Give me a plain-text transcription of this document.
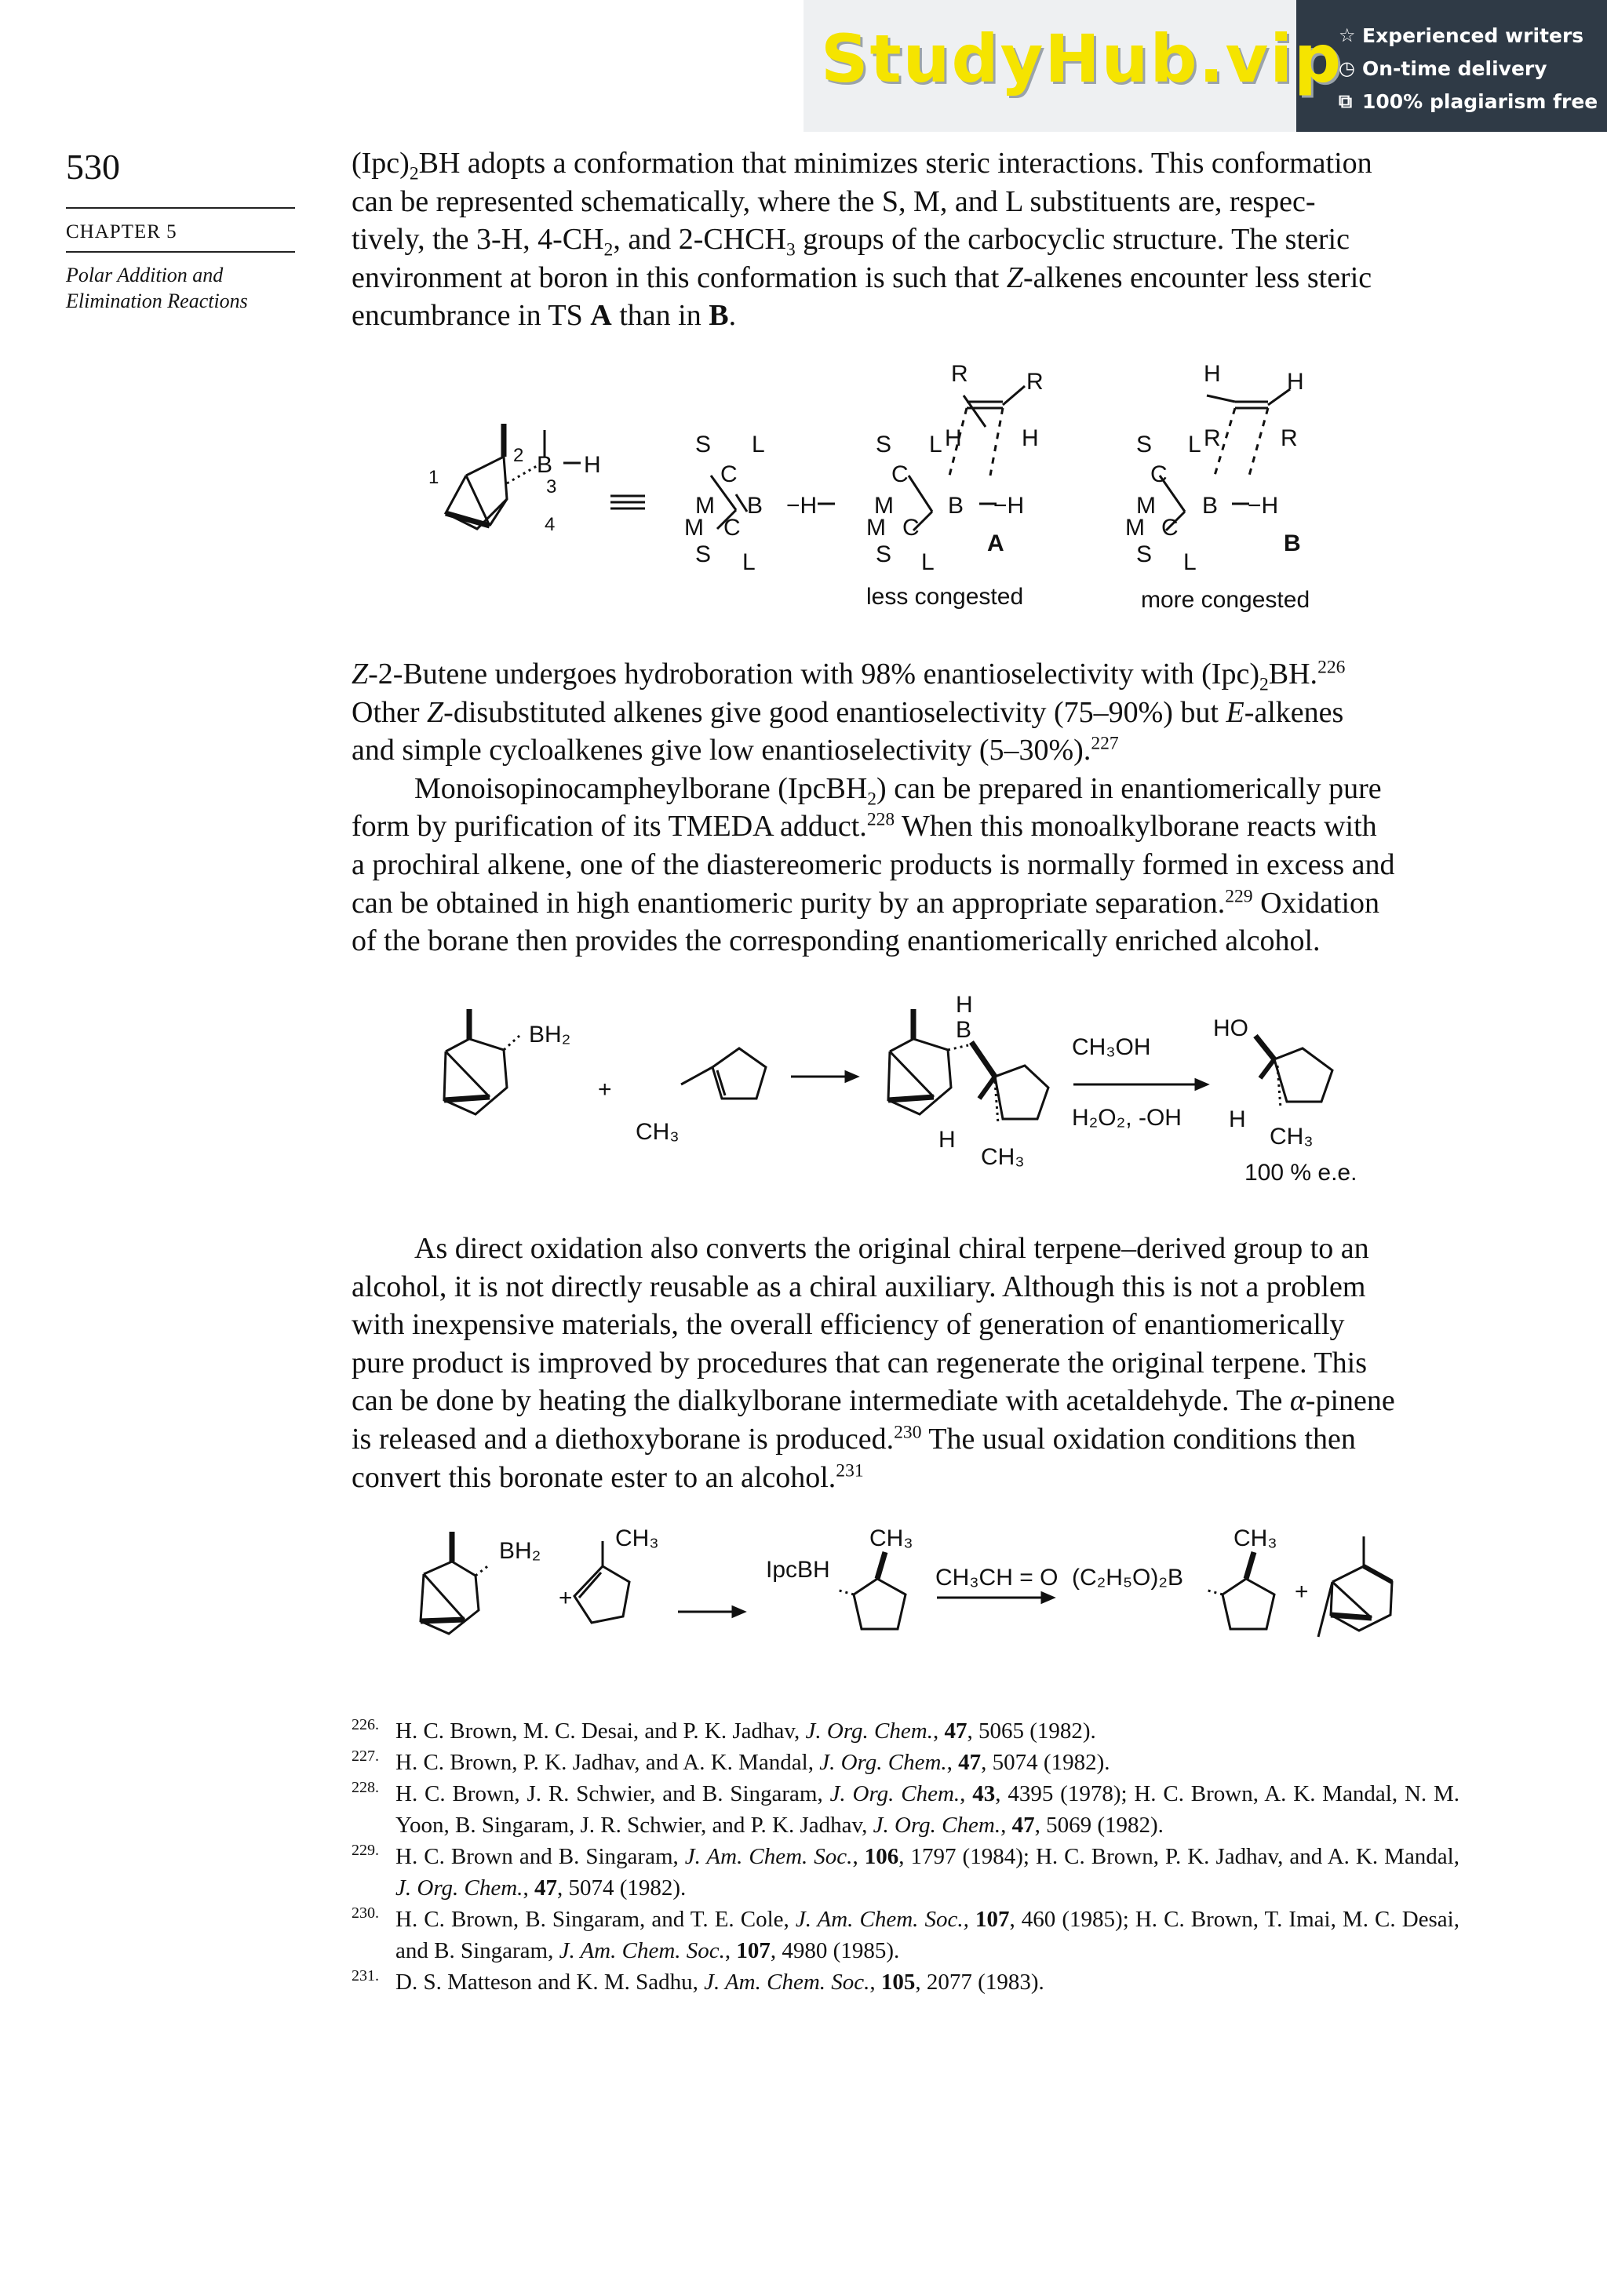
StudyHub.vip
☆ Experienced writers
◷ On-time delivery
⧉ 100% plagiarism free
530
CHAPTER 5
Polar Addition and Elimination Reactions
$(Ipc)_2BH$ adopts a conformation that minimizes steric interactions. This conformation
can be represented schematically, where the S, M, and L substituents are, respec-
tively, the 3-H, $4-CH_2$, and $2-CHCH_3$ groups of the carbocyclic structure. The steric
environment at boron in this conformation is such that Z-alkenes encounter less steric
encumbrance in TS A than in B.
B H
2
1	3
4
S L
C
M B −H
M C
S L
R R
S L H	H
C
M B −H
M C
S L
H	H
S L R	R
C
M B −H
M C
S L
A	B
less congested	more congested
Z-2-Butene undergoes hydroboration with 98% enantioselectivity with $(Ipc)_2BH.^{226}$
Other Z-disubstituted alkenes give good enantioselectivity (75–90%) but E-alkenes
and simple cycloalkenes give low enantioselectivity (5–30%).$^{227}$
Monoisopinocampheylborane (IpcBH$_2$) can be prepared in enantiomerically pure
form by purification of its TMEDA adduct.$^{228}$ When this monoalkylborane reacts with
a prochiral alkene, one of the diastereomeric products is normally formed in excess and
can be obtained in high enantiomeric purity by an appropriate separation.$^{229}$ Oxidation
of the borane then provides the corresponding enantiomerically enriched alcohol.
BH₂
+
CH₃
H
B
H
CH₃
CH₃OH
H₂O₂, -OH
HO
H
CH₃
100 % e.e.
As direct oxidation also converts the original chiral terpene–derived group to an
alcohol, it is not directly reusable as a chiral auxiliary. Although this is not a problem
with inexpensive materials, the overall efficiency of generation of enantiomerically
pure product is improved by procedures that can regenerate the original terpene. This
can be done by heating the dialkylborane intermediate with acetaldehyde. The α-pinene
is released and a diethoxyborane is produced.$^{230}$ The usual oxidation conditions then
convert this boronate ester to an alcohol.$^{231}$
BH₂
+
CH₃
IpcBH
CH₃
CH₃CH = O (C₂H₅O)₂B
CH₃
+
226. H. C. Brown, M. C. Desai, and P. K. Jadhav, J. Org. Chem., 47, 5065 (1982).
227. H. C. Brown, P. K. Jadhav, and A. K. Mandal, J. Org. Chem., 47, 5074 (1982).
228. H. C. Brown, J. R. Schwier, and B. Singaram, J. Org. Chem., 43, 4395 (1978); H. C. Brown, A. K. Mandal, N. M. Yoon, B. Singaram, J. R. Schwier, and P. K. Jadhav, J. Org. Chem., 47, 5069 (1982).
229. H. C. Brown and B. Singaram, J. Am. Chem. Soc., 106, 1797 (1984); H. C. Brown, P. K. Jadhav, and A. K. Mandal, J. Org. Chem., 47, 5074 (1982).
230. H. C. Brown, B. Singaram, and T. E. Cole, J. Am. Chem. Soc., 107, 460 (1985); H. C. Brown, T. Imai, M. C. Desai, and B. Singaram, J. Am. Chem. Soc., 107, 4980 (1985).
231. D. S. Matteson and K. M. Sadhu, J. Am. Chem. Soc., 105, 2077 (1983).
